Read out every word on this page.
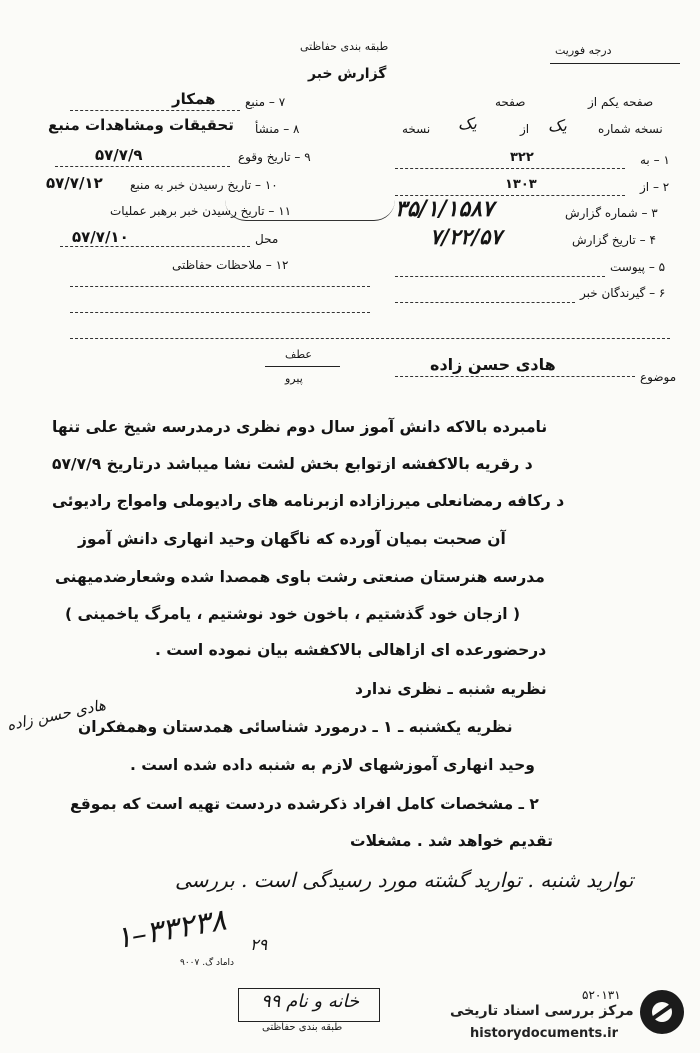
طبقه بندی حفاظتی
گزارش خبر
درجه فوریت
صفحه یکم از
صفحه
نسخه شماره
یک
از
یک
نسخه
۱ – به
۳۲۲
۲ – از
۱۳۰۳
۳ – شماره گزارش
۳۵/۱/۱۵۸۷
۴ – تاریخ گزارش
۷/۲۲/۵۷
۵ – پیوست
۶ – گیرندگان خبر
۷ – منبع
همکار
۸ – منشأ
تحقیقات ومشاهدات منبع
۹ – تاریخ وقوع
۵۷/۷/۹
۱۰ – تاریخ رسیدن خبر به منبع
۵۷/۷/۱۲
۱۱ – تاریخ رسیدن خبر برهبر عملیات
محل
۵۷/۷/۱۰
۱۲ – ملاحظات حفاظتی
عطف
پیرو	موضوع
هادی حسن زاده
نامبرده بالاکه دانش آموز سال دوم نظری درمدرسه شیخ علی تنها
د رقریه بالاکفشه ازتوابع بخش لشت نشا میباشد درتاریخ ۵۷/۷/۹
د رکافه رمضانعلی میرزازاده ازبرنامه های رادیوملی وامواج رادیوئی
آن صحبت بمیان آورده که ناگهان وحید انهاری دانش آموز
مدرسه هنرستان صنعتی رشت باوی همصدا شده وشعارضدمیهنی
( ازجان خود گذشتیم ، باخون خود نوشتیم ، یامرگ یاخمینی )
درحضورعده ای ازاهالی بالاکفشه بیان نموده است .
نظریه شنبه ـ نظری ندارد
نظریه یکشنبه ـ ۱ ـ درمورد شناسائی همدستان وهمفکران
هادی حسن زاده
وحید انهاری آموزشهای لازم به شنبه داده شده است .
۲ ـ مشخصات کامل افراد ذکرشده دردست تهیه است که بموقع
تقدیم خواهد شد . مشغلات
توارید شنبه . توارید گشته مورد رسیدگی است . بررسی
۱–۳۳۲۳۸ ۲۹
داماد گ. ۹۰۰۷
خانه و نام ۹۹
طبقه بندی حفاظتی
۵۲۰۱۳۱
مرکز بررسی اسناد تاریخی
historydocuments.ir
